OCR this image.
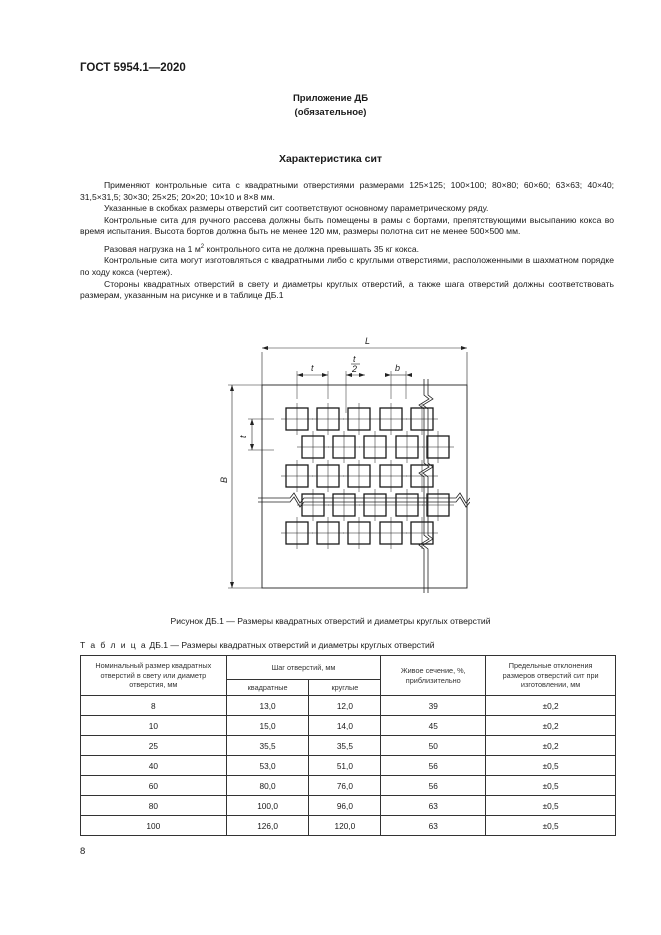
ГОСТ 5954.1—2020
Приложение ДБ
(обязательное)
Характеристика сит

Применяют контрольные сита с квадратными отверстиями размерами 125×125; 100×100; 80×80; 60×60; 63×63; 40×40; 31,5×31,5; 30×30; 25×25; 20×20; 10×10 и 8×8 мм.

Указанные в скобках размеры отверстий сит соответствуют основному параметрическому ряду.

Контрольные сита для ручного рассева должны быть помещены в рамы с бортами, препятствующими высыпанию кокса во время испытания. Высота бортов должна быть не менее 120 мм, размеры полотна сит не менее 500×500 мм.

Разовая нагрузка на 1 $м^2$ контрольного сита не должна превышать 35 кг кокса.

Контрольные сита могут изготовляться с квадратными либо с круглыми отверстиями, расположенными в шахматном порядке по ходу кокса (чертеж).

Стороны квадратных отверстий в свету и диаметры круглых отверстий, а также шага отверстий должны соответствовать размерам, указанным на рисунке и в таблице ДБ.1

L
B
t
t
2	b
t
Рисунок ДБ.1 — Размеры квадратных отверстий и диаметры круглых отверстий
Т а б л и ц а ДБ.1 — Размеры квадратных отверстий и диаметры круглых отверстий
Номинальный размер квадратных отверстий в свету или диаметр отверстия, мм	Шаг отверстий, мм		Живое сечение, %, приблизительно	Предельные отклонения размеров отверстий сит при изготовлении, мм
	квадратные	круглые		
8	13,0	12,0	39	±0,2
10	15,0	14,0	45	±0,2
25	35,5	35,5	50	±0,2
40	53,0	51,0	56	±0,5
60	80,0	76,0	56	±0,5
80	100,0	96,0	63	±0,5
100	126,0	120,0	63	±0,5
8
